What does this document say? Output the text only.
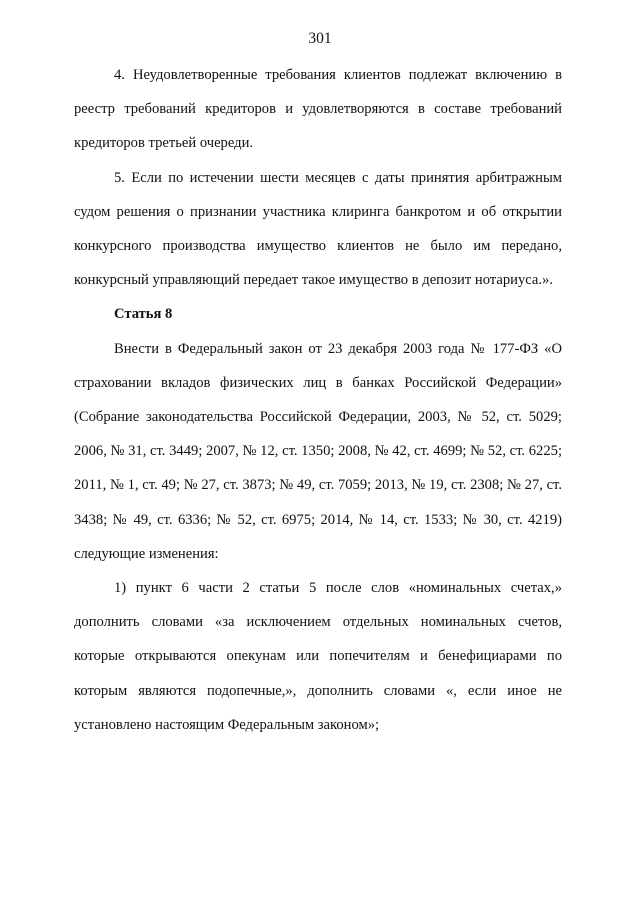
301

4. Неудовлетворенные требования клиентов подлежат включению в реестр требований кредиторов и удовлетворяются в составе требований кредиторов третьей очереди.

5. Если по истечении шести месяцев с даты принятия арбитражным судом решения о признании участника клиринга банкротом и об открытии конкурсного производства имущество клиентов не было им передано, конкурсный управляющий передает такое имущество в депозит нотариуса.».

Статья 8

Внести в Федеральный закон от 23 декабря 2003 года № 177-ФЗ «О страховании вкладов физических лиц в банках Российской Федерации» (Собрание законодательства Российской Федерации, 2003, № 52, ст. 5029; 2006, № 31, ст. 3449; 2007, № 12, ст. 1350; 2008, № 42, ст. 4699; № 52, ст. 6225; 2011, № 1, ст. 49; № 27, ст. 3873; № 49, ст. 7059; 2013, № 19, ст. 2308; № 27, ст. 3438; № 49, ст. 6336; № 52, ст. 6975; 2014, № 14, ст. 1533; № 30, ст. 4219) следующие изменения:

1) пункт 6 части 2 статьи 5 после слов «номинальных счетах,» дополнить словами «за исключением отдельных номинальных счетов, которые открываются опекунам или попечителям и бенефициарами по которым являются подопечные,», дополнить словами «, если иное не установлено настоящим Федеральным законом»;
